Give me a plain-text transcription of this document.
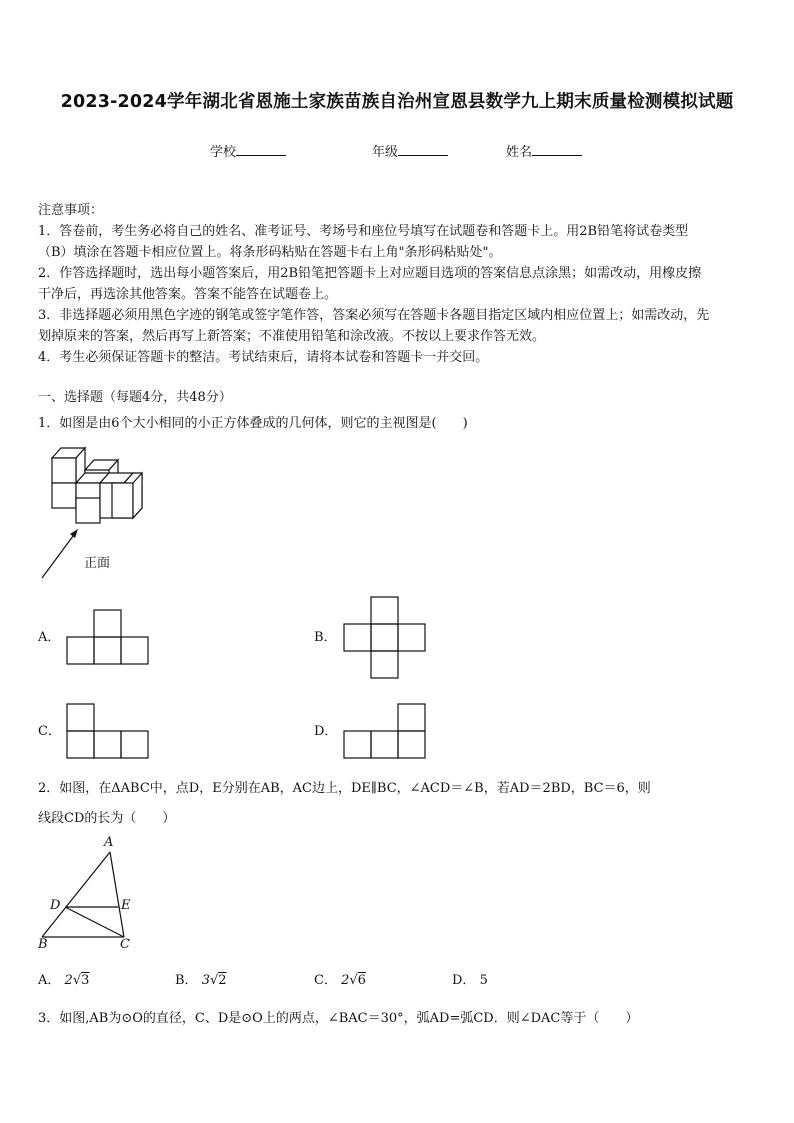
2023-2024学年湖北省恩施土家族苗族自治州宣恩县数学九上期末质量检测模拟试题
学校	年级	姓名
注意事项：
1．答卷前，考生务必将自己的姓名、准考证号、考场号和座位号填写在试题卷和答题卡上。用2B铅笔将试卷类型
（B）填涂在答题卡相应位置上。将条形码粘贴在答题卡右上角"条形码粘贴处"。
2．作答选择题时，选出每小题答案后，用2B铅笔把答题卡上对应题目选项的答案信息点涂黑；如需改动，用橡皮擦
干净后，再选涂其他答案。答案不能答在试题卷上。
3．非选择题必须用黑色字迹的钢笔或签字笔作答，答案必须写在答题卡各题目指定区域内相应位置上；如需改动，先
划掉原来的答案，然后再写上新答案；不准使用铅笔和涂改液。不按以上要求作答无效。
4．考生必须保证答题卡的整洁。考试结束后，请将本试卷和答题卡一并交回。
一、选择题（每题4分，共48分）
1．如图是由6个大小相同的小正方体叠成的几何体，则它的主视图是(　　)
正面
A．	B．
C．	D．
2．如图，在ΔABC中，点D，E分别在AB，AC边上，DE∥BC，∠ACD＝∠B，若AD＝2BD，BC＝6，则
线段CD的长为（　　）
A
D	E
B	C
A． 2√3	B． 3√2	C． 2√6	D． 5
3．如图,AB为⊙O的直径，C、D是⊙O上的两点，∠BAC＝30°，弧AD=弧CD．则∠DAC等于（　　）
